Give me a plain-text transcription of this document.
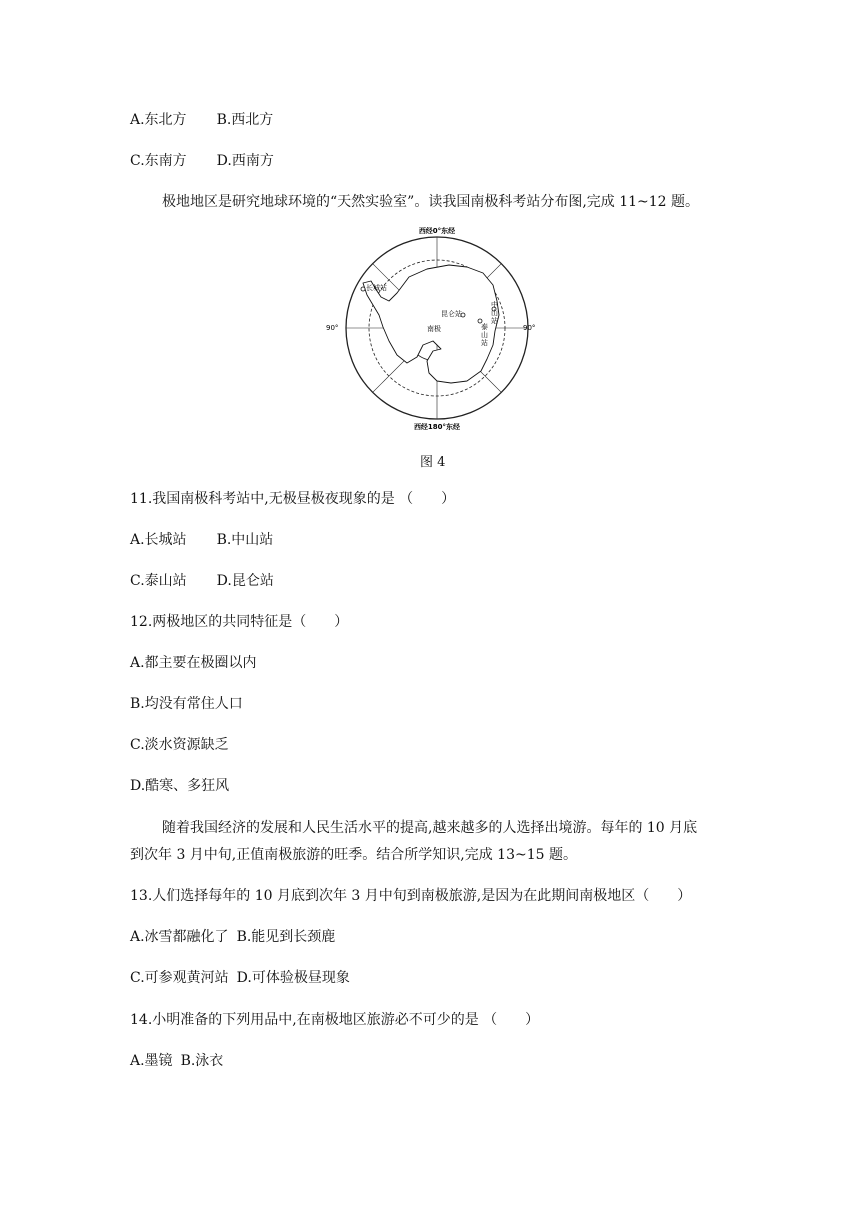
A.东北方 B.西北方
C.东南方 D.西南方
极地地区是研究地球环境的“天然实验室”。读我国南极科考站分布图,完成 11~12 题。
西经0°东经
西经180°东经
90°	90°
长城站
昆仑站
泰
山
站
中
山
站
南极
图 4
11.我国南极科考站中,无极昼极夜现象的是 （　　）
A.长城站 B.中山站
C.泰山站 D.昆仑站
12.两极地区的共同特征是（　　）
A.都主要在极圈以内
B.均没有常住人口
C.淡水资源缺乏
D.酷寒、多狂风
随着我国经济的发展和人民生活水平的提高,越来越多的人选择出境游。每年的 10 月底
到次年 3 月中旬,正值南极旅游的旺季。结合所学知识,完成 13~15 题。
13.人们选择每年的 10 月底到次年 3 月中旬到南极旅游,是因为在此期间南极地区（　　）
A.冰雪都融化了 B.能见到长颈鹿
C.可参观黄河站 D.可体验极昼现象
14.小明准备的下列用品中,在南极地区旅游必不可少的是 （　　）
A.墨镜 B.泳衣
